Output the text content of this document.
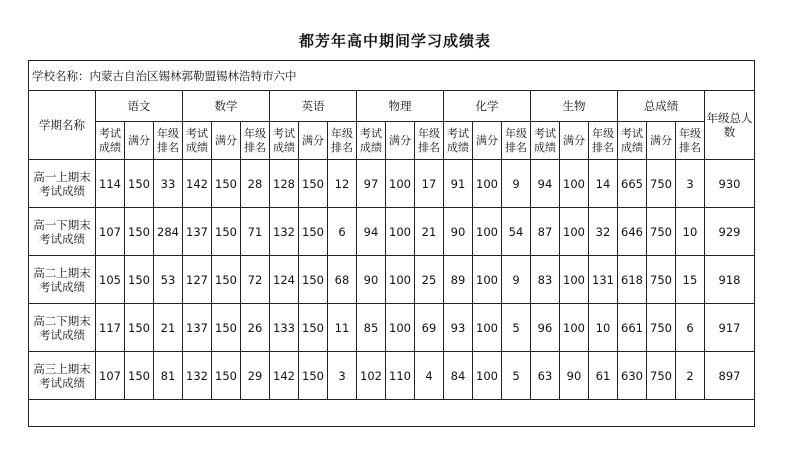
都芳年高中期间学习成绩表
学校名称：内蒙古自治区锡林郭勒盟锡林浩特市六中																						
学期名称	语文			数学			英语			物理			化学			生物			总成绩			年级总人数
	考试成绩	满分	年级排名	考试成绩	满分	年级排名	考试成绩	满分	年级排名	考试成绩	满分	年级排名	考试成绩	满分	年级排名	考试成绩	满分	年级排名	考试成绩	满分	年级排名	
高一上期末考试成绩	114	150	33	142	150	28	128	150	12	97	100	17	91	100	9	94	100	14	665	750	3	930
高一下期末考试成绩	107	150	284	137	150	71	132	150	6	94	100	21	90	100	54	87	100	32	646	750	10	929
高二上期末考试成绩	105	150	53	127	150	72	124	150	68	90	100	25	89	100	9	83	100	131	618	750	15	918
高二下期末考试成绩	117	150	21	137	150	26	133	150	11	85	100	69	93	100	5	96	100	10	661	750	6	917
高三上期末考试成绩	107	150	81	132	150	29	142	150	3	102	110	4	84	100	5	63	90	61	630	750	2	897
